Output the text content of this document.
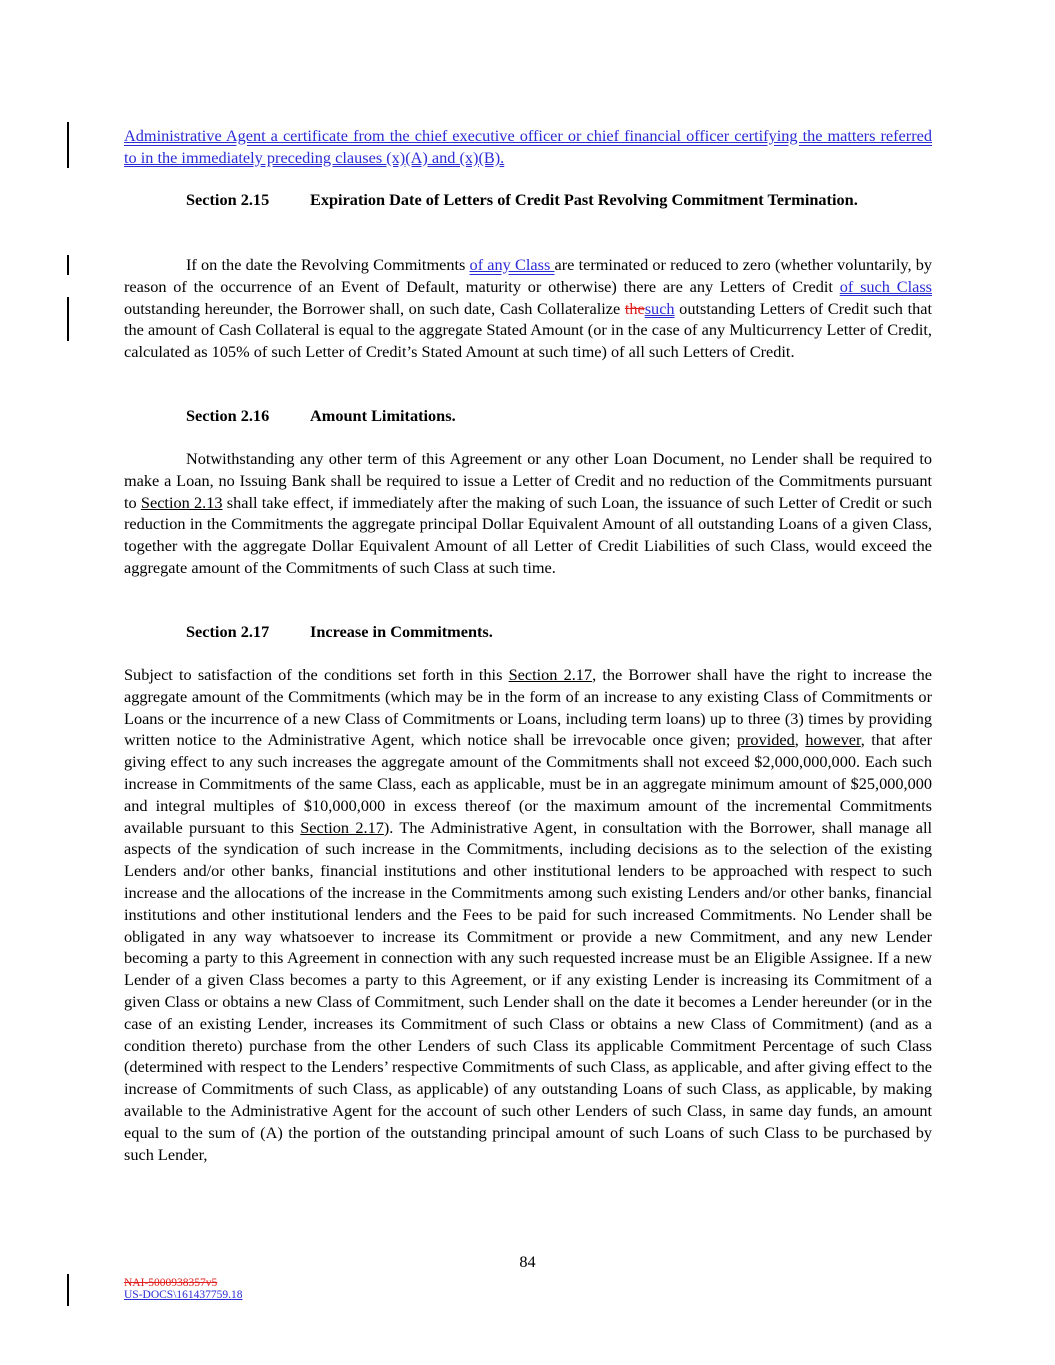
Administrative Agent a certificate from the chief executive officer or chief financial officer certifying the matters referred to in the immediately preceding clauses (x)(A) and (x)(B).

Section 2.15	Expiration Date of Letters of Credit Past Revolving Commitment Termination.

If on the date the Revolving Commitments of any Class are terminated or reduced to zero (whether voluntarily, by reason of the occurrence of an Event of Default, maturity or otherwise) there are any Letters of Credit of such Class outstanding hereunder, the Borrower shall, on such date, Cash Collateralize thesuch outstanding Letters of Credit such that the amount of Cash Collateral is equal to the aggregate Stated Amount (or in the case of any Multicurrency Letter of Credit, calculated as 105% of such Letter of Credit’s Stated Amount at such time) of all such Letters of Credit.

Section 2.16	Amount Limitations.

Notwithstanding any other term of this Agreement or any other Loan Document, no Lender shall be required to make a Loan, no Issuing Bank shall be required to issue a Letter of Credit and no reduction of the Commitments pursuant to Section 2.13 shall take effect, if immediately after the making of such Loan, the issuance of such Letter of Credit or such reduction in the Commitments the aggregate principal Dollar Equivalent Amount of all outstanding Loans of a given Class, together with the aggregate Dollar Equivalent Amount of all Letter of Credit Liabilities of such Class, would exceed the aggregate amount of the Commitments of such Class at such time.

Section 2.17	Increase in Commitments.

Subject to satisfaction of the conditions set forth in this Section 2.17, the Borrower shall have the right to increase the aggregate amount of the Commitments (which may be in the form of an increase to any existing Class of Commitments or Loans or the incurrence of a new Class of Commitments or Loans, including term loans) up to three (3) times by providing written notice to the Administrative Agent, which notice shall be irrevocable once given; provided, however, that after giving effect to any such increases the aggregate amount of the Commitments shall not exceed $2,000,000,000. Each such increase in Commitments of the same Class, each as applicable, must be in an aggregate minimum amount of $25,000,000 and integral multiples of $10,000,000 in excess thereof (or the maximum amount of the incremental Commitments available pursuant to this Section 2.17). The Administrative Agent, in consultation with the Borrower, shall manage all aspects of the syndication of such increase in the Commitments, including decisions as to the selection of the existing Lenders and/or other banks, financial institutions and other institutional lenders to be approached with respect to such increase and the allocations of the increase in the Commitments among such existing Lenders and/or other banks, financial institutions and other institutional lenders and the Fees to be paid for such increased Commitments. No Lender shall be obligated in any way whatsoever to increase its Commitment or provide a new Commitment, and any new Lender becoming a party to this Agreement in connection with any such requested increase must be an Eligible Assignee. If a new Lender of a given Class becomes a party to this Agreement, or if any existing Lender is increasing its Commitment of a given Class or obtains a new Class of Commitment, such Lender shall on the date it becomes a Lender hereunder (or in the case of an existing Lender, increases its Commitment of such Class or obtains a new Class of Commitment) (and as a condition thereto) purchase from the other Lenders of such Class its applicable Commitment Percentage of such Class (determined with respect to the Lenders’ respective Commitments of such Class, as applicable, and after giving effect to the increase of Commitments of such Class, as applicable) of any outstanding Loans of such Class, as applicable, by making available to the Administrative Agent for the account of such other Lenders of such Class, in same day funds, an amount equal to the sum of (A) the portion of the outstanding principal amount of such Loans of such Class to be purchased by such Lender,

84
NAI-5000938357v5
US-DOCS\161437759.18
